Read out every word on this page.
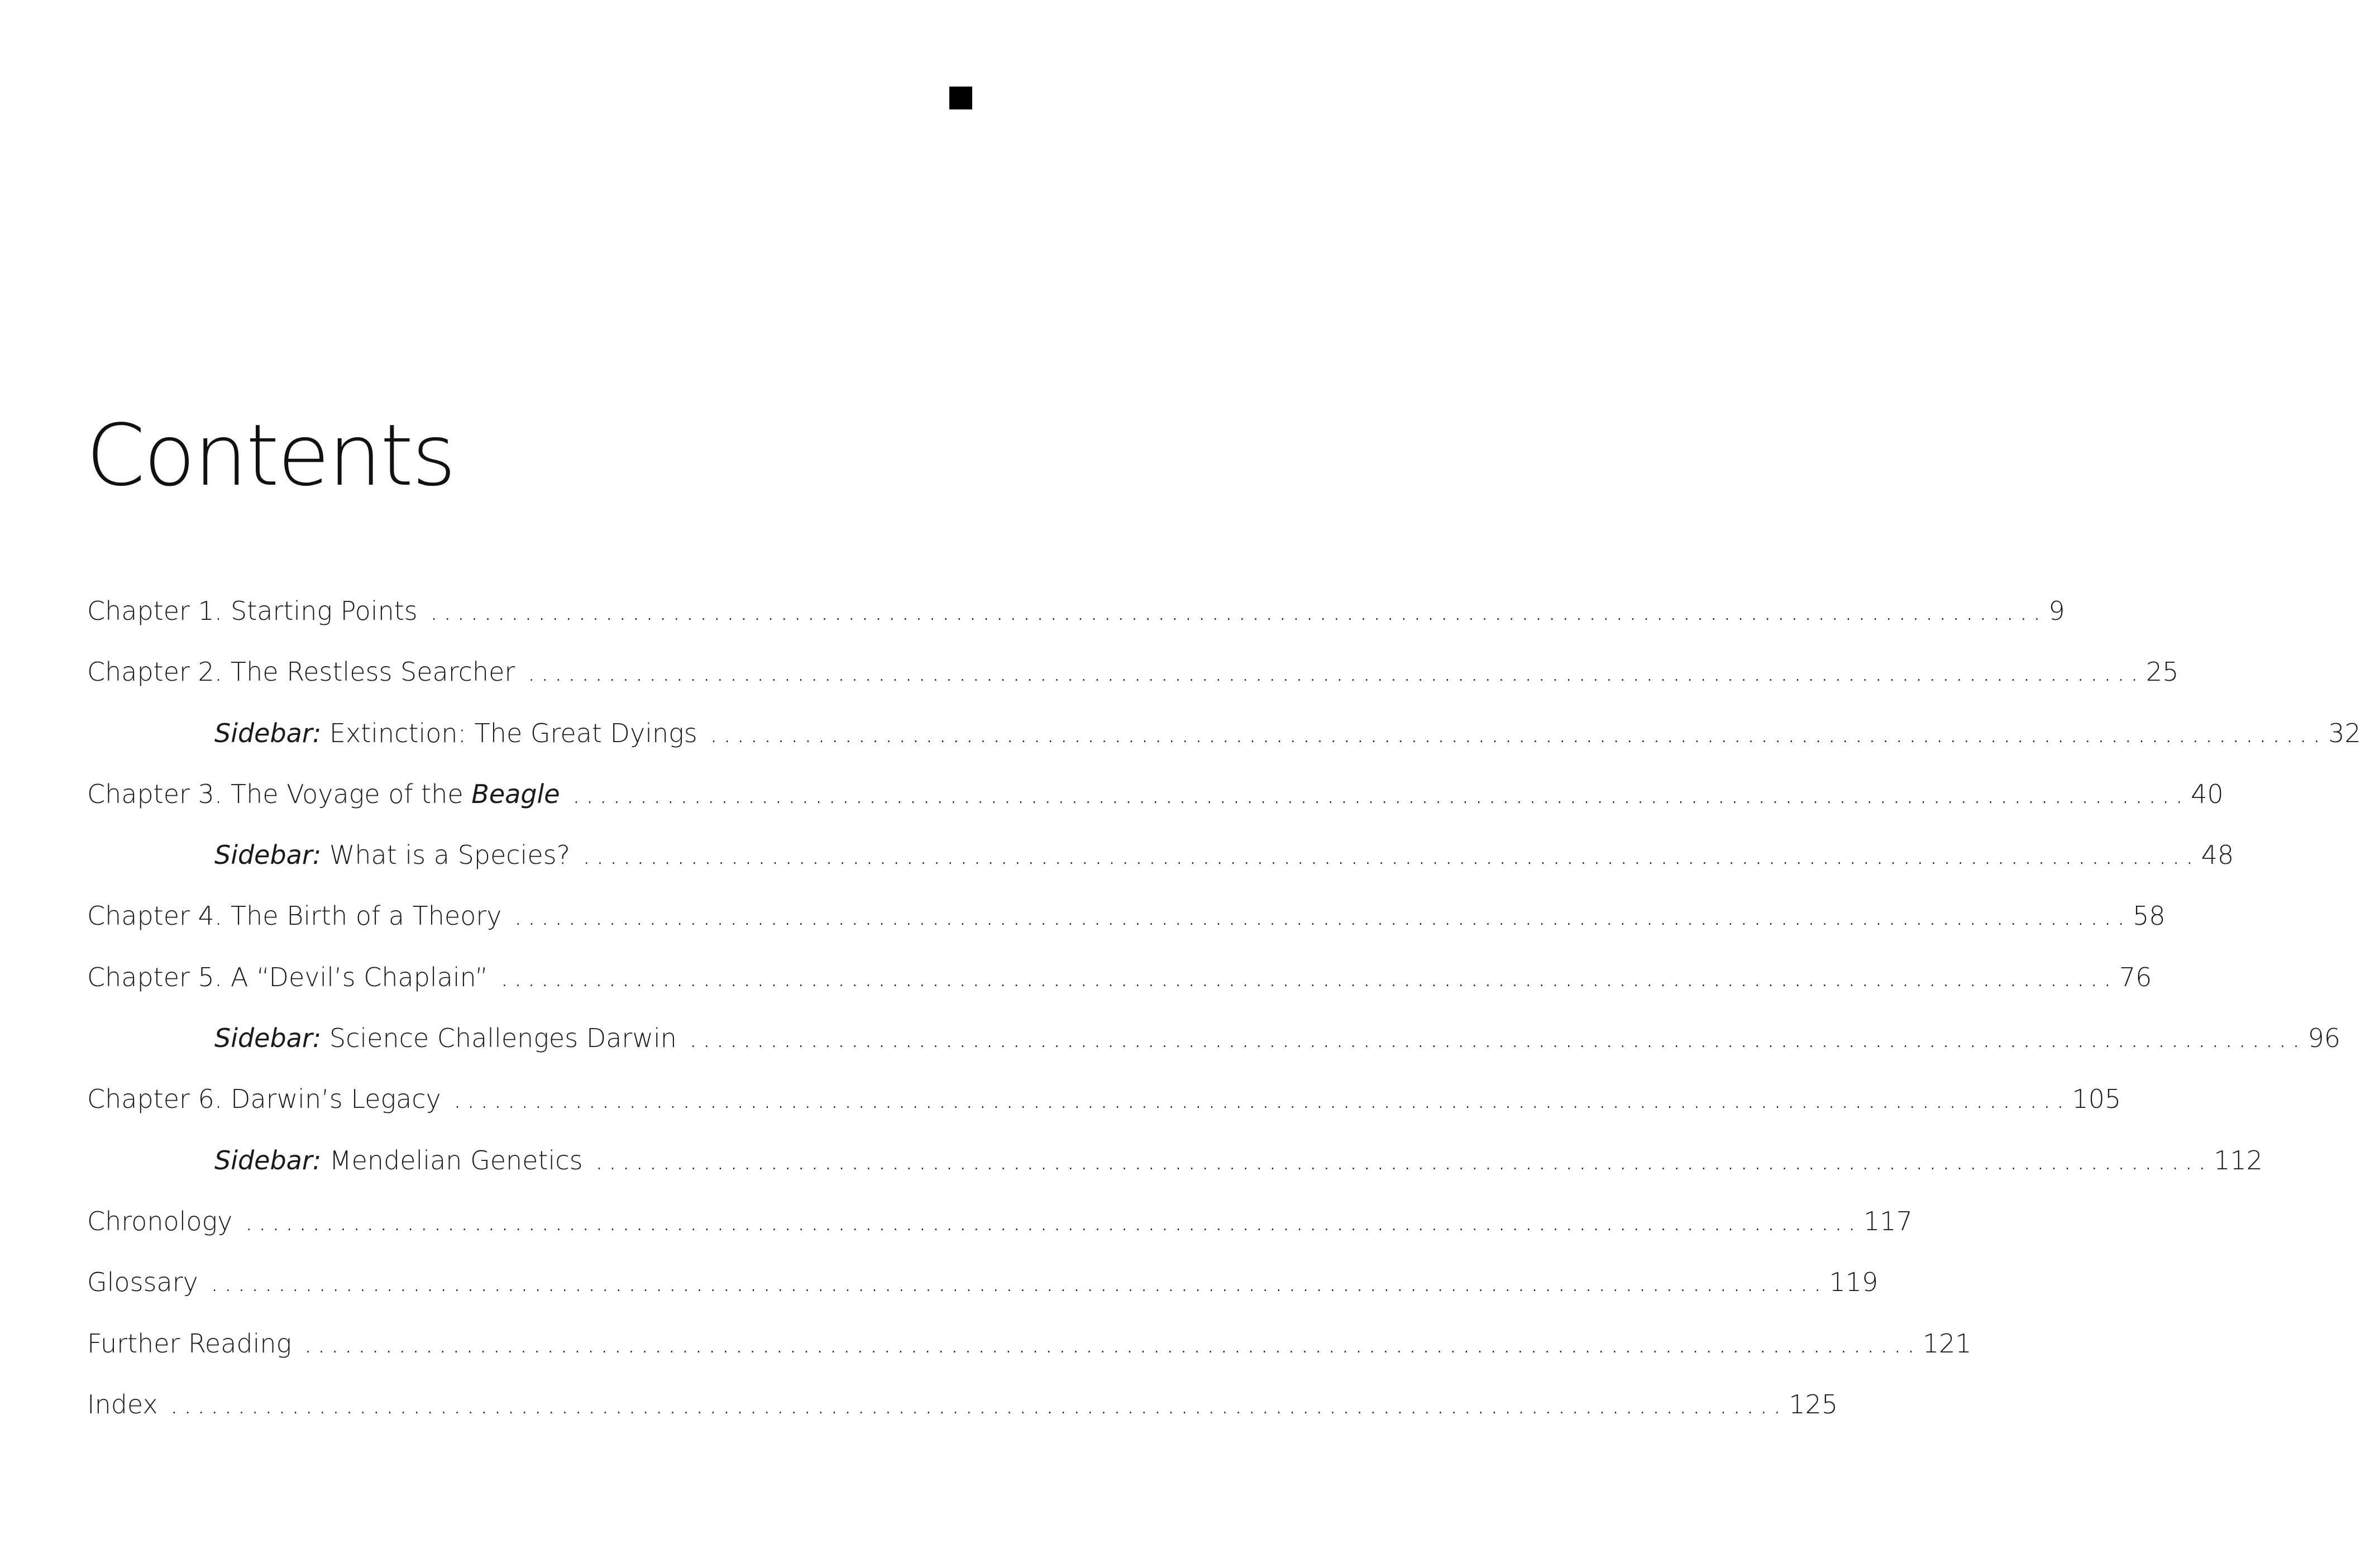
Contents
Chapter 1. Starting Points ........................................................................................................................ 9
Chapter 2. The Restless Searcher ........................................................................................................................ 25
Sidebar: Extinction: The Great Dyings ........................................................................................................................ 32
Chapter 3. The Voyage of the Beagle ........................................................................................................................ 40
Sidebar: What is a Species? ........................................................................................................................ 48
Chapter 4. The Birth of a Theory ........................................................................................................................ 58
Chapter 5. A “Devil’s Chaplain” ........................................................................................................................ 76
Sidebar: Science Challenges Darwin ........................................................................................................................ 96
Chapter 6. Darwin’s Legacy ........................................................................................................................ 105
Sidebar: Mendelian Genetics ........................................................................................................................ 112
Chronology ........................................................................................................................ 117
Glossary ........................................................................................................................ 119
Further Reading ........................................................................................................................ 121
Index ........................................................................................................................ 125
